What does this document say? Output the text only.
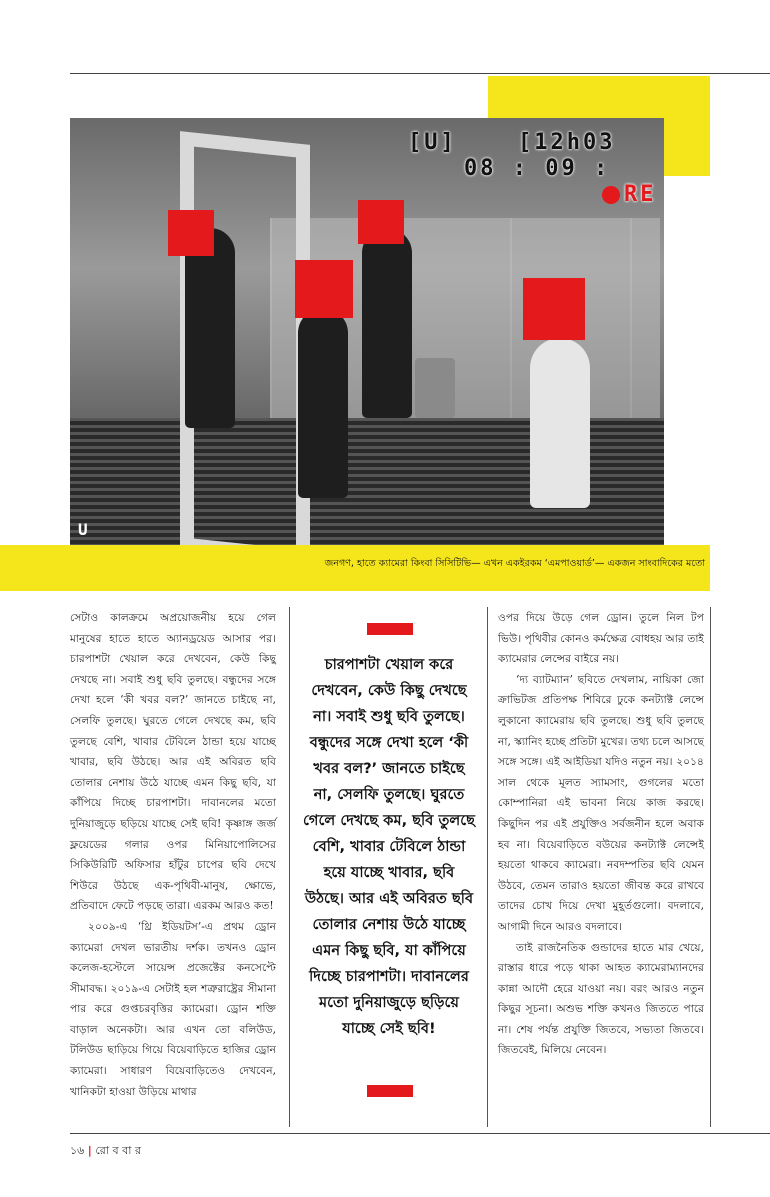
[U]	[12h03
08 : 09 :
RE
U
জনগণ, হাতে ক্যামেরা কিংবা সিসিটিভি— এখন একইরকম ‘এমপাওয়ার্ড’— একজন সাংবাদিকের মতো

সেটাও কালক্রমে অপ্রয়োজনীয় হয়ে গেল মানুষের হাতে হাতে অ্যানড্রয়েড আসার পর। চারপাশটা খেয়াল করে দেখবেন, কেউ কিছু দেখছে না। সবাই শুধু ছবি তুলছে। বন্ধুদের সঙ্গে দেখা হলে ‘কী খবর বল?’ জানতে চাইছে না, সেলফি তুলছে। ঘুরতে গেলে দেখছে কম, ছবি তুলছে বেশি, খাবার টেবিলে ঠান্ডা হয়ে যাচ্ছে খাবার, ছবি উঠছে। আর এই অবিরত ছবি তোলার নেশায় উঠে যাচ্ছে এমন কিছু ছবি, যা কাঁপিয়ে দিচ্ছে চারপাশটা। দাবানলের মতো দুনিয়াজুড়ে ছড়িয়ে যাচ্ছে সেই ছবি! কৃষ্ণাঙ্গ জর্জ ফ্লয়েডের গলার ওপর মিনিয়াপোলিসের সিকিউরিটি অফিসার হাঁটুর চাপের ছবি দেখে শিউরে উঠছে এক-পৃথিবী-মানুষ, ক্ষোভে, প্রতিবাদে ফেটে পড়ছে তারা। এরকম আরও কত!

২০০৯-এ ‘থ্রি ইডিয়টস’-এ প্রথম ড্রোন ক্যামেরা দেখল ভারতীয় দর্শক। তখনও ড্রোন কলেজ-হস্টেলে সায়েন্স প্রজেক্টের কনসেপ্টে সীমাবদ্ধ। ২০১৯-এ সেটাই হল শত্রুরাষ্ট্রের সীমানা পার করে গুপ্তচরবৃত্তির ক্যামেরা। ড্রোন শক্তি বাড়াল অনেকটা। আর এখন তো বলিউড, টলিউড ছাড়িয়ে গিয়ে বিয়েবাড়িতে হাজির ড্রোন ক্যামেরা। সাধারণ বিয়েবাড়িতেও দেখবেন, খানিকটা হাওয়া উড়িয়ে মাথার

চারপাশটা খেয়াল করে দেখবেন, কেউ কিছু দেখছে না। সবাই শুধু ছবি তুলছে। বন্ধুদের সঙ্গে দেখা হলে ‘কী খবর বল?’ জানতে চাইছে না, সেলফি তুলছে। ঘুরতে গেলে দেখছে কম, ছবি তুলছে বেশি, খাবার টেবিলে ঠান্ডা হয়ে যাচ্ছে খাবার, ছবি উঠছে। আর এই অবিরত ছবি তোলার নেশায় উঠে যাচ্ছে এমন কিছু ছবি, যা কাঁপিয়ে দিচ্ছে চারপাশটা। দাবানলের মতো দুনিয়াজুড়ে ছড়িয়ে যাচ্ছে সেই ছবি!

ওপর দিয়ে উড়ে গেল ড্রোন। তুলে নিল টপ ভিউ। পৃথিবীর কোনও কর্মক্ষেত্র বোধহয় আর তাই ক্যামেরার লেন্সের বাইরে নয়।

‘দ্য ব্যাটম্যান’ ছবিতে দেখলাম, নায়িকা জো ক্রাভিটজ প্রতিপক্ষ শিবিরে ঢুকে কনট্যাক্ট লেন্সে লুকানো ক্যামেরায় ছবি তুলছে। শুধু ছবি তুলছে না, স্ক্যানিং হচ্ছে প্রতিটা মুখের। তথ্য চলে আসছে সঙ্গে সঙ্গে। এই আইডিয়া যদিও নতুন নয়। ২০১৪ সাল থেকে মূলত স্যামসাং, গুগলের মতো কোম্পানিরা এই ভাবনা নিয়ে কাজ করছে। কিছুদিন পর এই প্রযুক্তিও সর্বজনীন হলে অবাক হব না। বিয়েবাড়িতে বউয়ের কনট্যাক্ট লেন্সেই হয়তো থাকবে ক্যামেরা। নবদম্পতির ছবি যেমন উঠবে, তেমন তারাও হয়তো জীবন্ত করে রাখবে তাদের চোখ দিয়ে দেখা মুহূর্তগুলো। বদলাবে, আগামী দিনে আরও বদলাবে।

তাই রাজনৈতিক গুন্ডাদের হাতে মার খেয়ে, রাস্তার ধারে পড়ে থাকা আহত ক্যামেরাম্যানদের কান্না আদৌ হেরে যাওয়া নয়। বরং আরও নতুন কিছুর সূচনা। অশুভ শক্তি কখনও জিততে পারে না। শেষ পর্যন্ত প্রযুক্তি জিতবে, সভ্যতা জিতবে। জিতবেই, মিলিয়ে নেবেন।

১৬ | রো ব বা র
